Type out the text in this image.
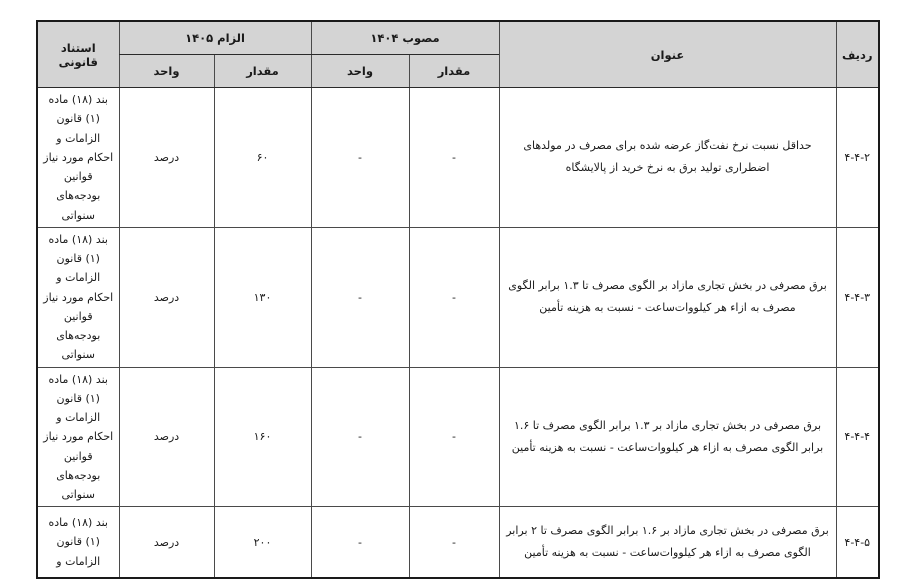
ردیف	عنوان	مصوب ۱۴۰۴		الزام ۱۴۰۵		استناد قانونی
		مقدار	واحد	مقدار	واحد	
۴-۴-۲	حداقل نسبت نرخ نفت‌گاز عرضه شده برای مصرف در مولدهای اضطراری تولید برق به نرخ خرید از پالایشگاه	-	-	۶۰	درصد	بند (۱۸) ماده (۱) قانون الزامات و احکام مورد نیاز قوانین بودجه‌های سنواتی
۴-۴-۳	برق مصرفی در بخش تجاری مازاد بر الگوی مصرف تا ۱.۳ برابر الگوی مصرف به ازاء هر کیلووات‌ساعت - نسبت به هزینه تأمین	-	-	۱۳۰	درصد	بند (۱۸) ماده (۱) قانون الزامات و احکام مورد نیاز قوانین بودجه‌های سنواتی
۴-۴-۴	برق مصرفی در بخش تجاری مازاد بر ۱.۳ برابر الگوی مصرف تا ۱.۶ برابر الگوی مصرف به ازاء هر کیلووات‌ساعت - نسبت به هزینه تأمین	-	-	۱۶۰	درصد	بند (۱۸) ماده (۱) قانون الزامات و احکام مورد نیاز قوانین بودجه‌های سنواتی
۴-۴-۵	برق مصرفی در بخش تجاری مازاد بر ۱.۶ برابر الگوی مصرف تا ۲ برابر الگوی مصرف به ازاء هر کیلووات‌ساعت - نسبت به هزینه تأمین	-	-	۲۰۰	درصد	بند (۱۸) ماده (۱) قانون الزامات و
